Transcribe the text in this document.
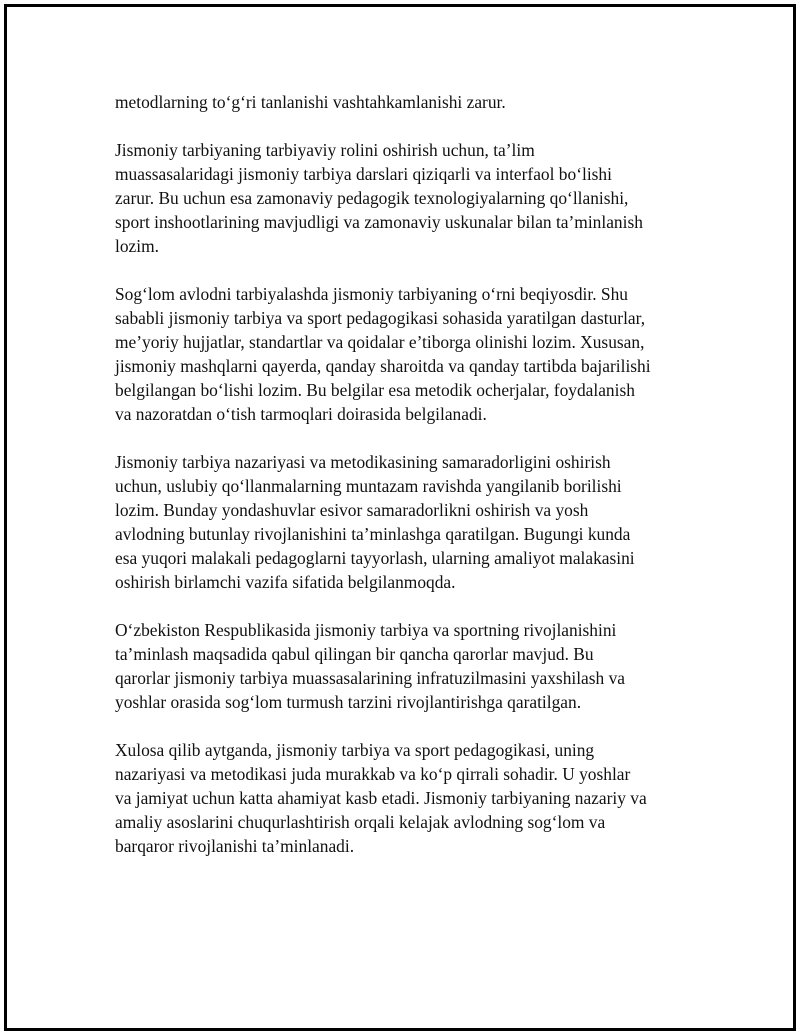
metodlarning to‘g‘ri tanlanishi vashtahkamlanishi zarur.

Jismoniy tarbiyaning tarbiyaviy rolini oshirish uchun, ta’lim
muassasalaridagi jismoniy tarbiya darslari qiziqarli va interfaol bo‘lishi
zarur. Bu uchun esa zamonaviy pedagogik texnologiyalarning qo‘llanishi,
sport inshootlarining mavjudligi va zamonaviy uskunalar bilan ta’minlanish
lozim.

Sog‘lom avlodni tarbiyalashda jismoniy tarbiyaning o‘rni beqiyosdir. Shu
sababli jismoniy tarbiya va sport pedagogikasi sohasida yaratilgan dasturlar,
me’yoriy hujjatlar, standartlar va qoidalar e’tiborga olinishi lozim. Xususan,
jismoniy mashqlarni qayerda, qanday sharoitda va qanday tartibda bajarilishi
belgilangan bo‘lishi lozim. Bu belgilar esa metodik ocherjalar, foydalanish
va nazoratdan o‘tish tarmoqlari doirasida belgilanadi.

Jismoniy tarbiya nazariyasi va metodikasining samaradorligini oshirish
uchun, uslubiy qo‘llanmalarning muntazam ravishda yangilanib borilishi
lozim. Bunday yondashuvlar esivor samaradorlikni oshirish va yosh
avlodning butunlay rivojlanishini ta’minlashga qaratilgan. Bugungi kunda
esa yuqori malakali pedagoglarni tayyorlash, ularning amaliyot malakasini
oshirish birlamchi vazifa sifatida belgilanmoqda.

O‘zbekiston Respublikasida jismoniy tarbiya va sportning rivojlanishini
ta’minlash maqsadida qabul qilingan bir qancha qarorlar mavjud. Bu
qarorlar jismoniy tarbiya muassasalarining infratuzilmasini yaxshilash va
yoshlar orasida sog‘lom turmush tarzini rivojlantirishga qaratilgan.

Xulosa qilib aytganda, jismoniy tarbiya va sport pedagogikasi, uning
nazariyasi va metodikasi juda murakkab va ko‘p qirrali sohadir. U yoshlar
va jamiyat uchun katta ahamiyat kasb etadi. Jismoniy tarbiyaning nazariy va
amaliy asoslarini chuqurlashtirish orqali kelajak avlodning sog‘lom va
barqaror rivojlanishi ta’minlanadi.
